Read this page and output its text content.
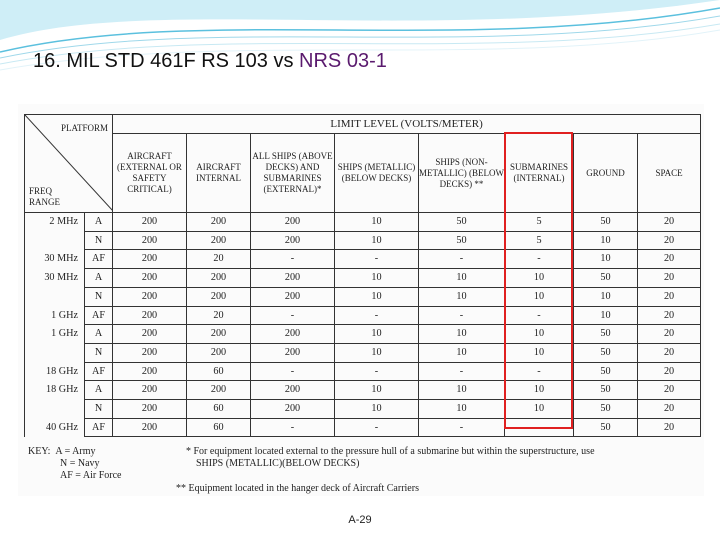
16. MIL STD 461F RS 103 vs NRS 03-1
PLATFORM
FREQ
RANGE		LIMIT LEVEL (VOLTS/METER)							
		AIRCRAFT (EXTERNAL OR SAFETY CRITICAL)	AIRCRAFT INTERNAL	ALL SHIPS (ABOVE DECKS) AND SUBMARINES (EXTERNAL)*	SHIPS (METALLIC) (BELOW DECKS)	SHIPS (NON-METALLIC) (BELOW DECKS) **	SUBMARINES (INTERNAL)	GROUND	SPACE
2 MHz	A	200	200	200	10	50	5	50	20
	N	200	200	200	10	50	5	10	20
30 MHz	AF	200	20	-	-	-	-	10	20
30 MHz	A	200	200	200	10	10	10	50	20
	N	200	200	200	10	10	10	10	20
1 GHz	AF	200	20	-	-	-	-	10	20
1 GHz	A	200	200	200	10	10	10	50	20
	N	200	200	200	10	10	10	50	20
18 GHz	AF	200	60	-	-	-	-	50	20
18 GHz	A	200	200	200	10	10	10	50	20
	N	200	60	200	10	10	10	50	20
40 GHz	AF	200	60	-	-	-	-	50	20
KEY: A = Army
N = Navy
AF = Air Force
* For equipment located external to the pressure hull of a submarine but within the superstructure, use
SHIPS (METALLIC)(BELOW DECKS)
** Equipment located in the hanger deck of Aircraft Carriers
A-29
